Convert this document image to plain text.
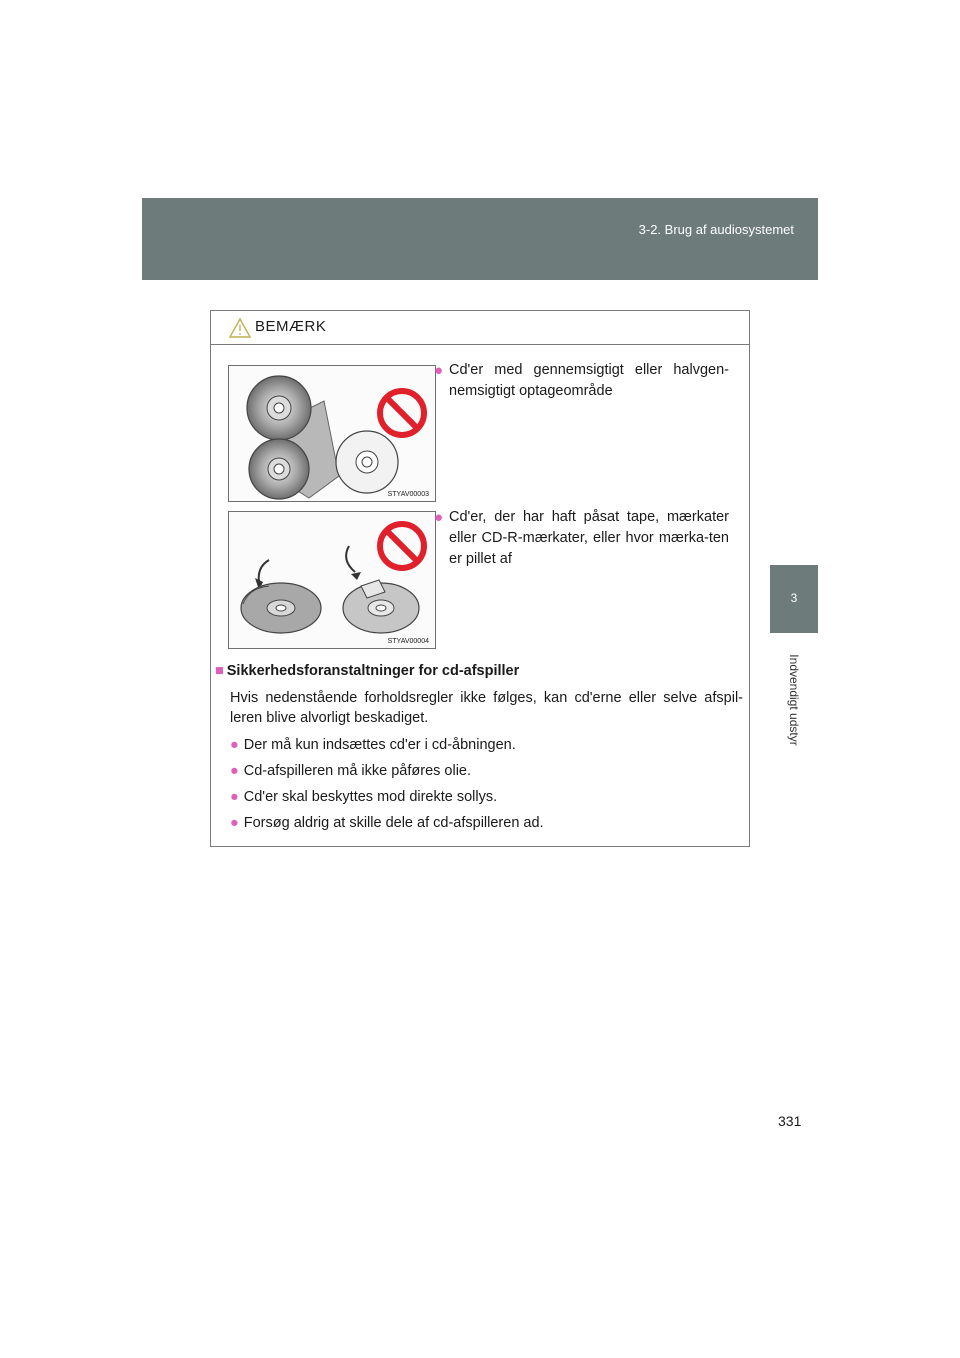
3-2. Brug af audiosystemet
3
Indvendigt udstyr
BEMÆRK
STYAV00003
STYAV00004
● Cd'er med gennemsigtigt eller halvgen-nemsigtigt optageområde
● Cd'er, der har haft påsat tape, mærkater eller CD-R-mærkater, eller hvor mærka-ten er pillet af
■ Sikkerhedsforanstaltninger for cd-afspiller
Hvis nedenstående forholdsregler ikke følges, kan cd'erne eller selve afspil-leren blive alvorligt beskadiget.
● Der må kun indsættes cd'er i cd-åbningen.
● Cd-afspilleren må ikke påføres olie.
● Cd'er skal beskyttes mod direkte sollys.
● Forsøg aldrig at skille dele af cd-afspilleren ad.
331
